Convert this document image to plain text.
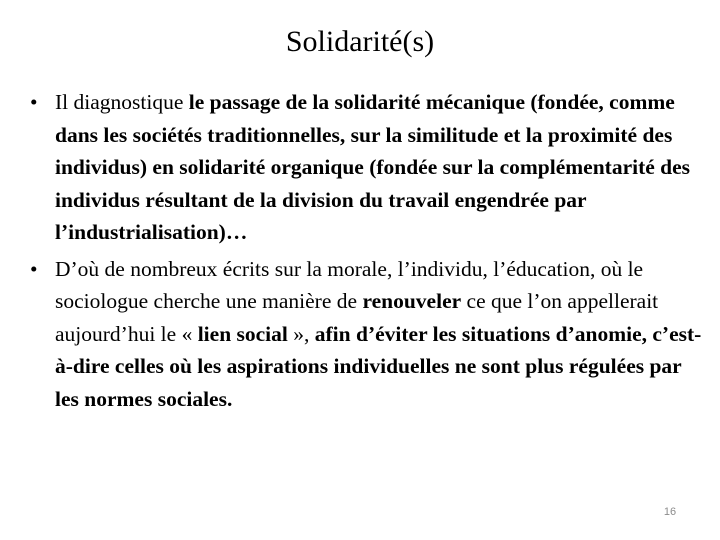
Solidarité(s)
• Il diagnostique le passage de la solidarité mécanique (fondée, comme dans les sociétés traditionnelles, sur la similitude et la proximité des individus) en solidarité organique (fondée sur la complémentarité des individus résultant de la division du travail engendrée par l’industrialisation)…
• D’où de nombreux écrits sur la morale, l’individu, l’éducation, où le sociologue cherche une manière de renouveler ce que l’on appellerait aujourd’hui le « lien social », afin d’éviter les situations d’anomie, c’est-à-dire celles où les aspirations individuelles ne sont plus régulées par les normes sociales.
16
